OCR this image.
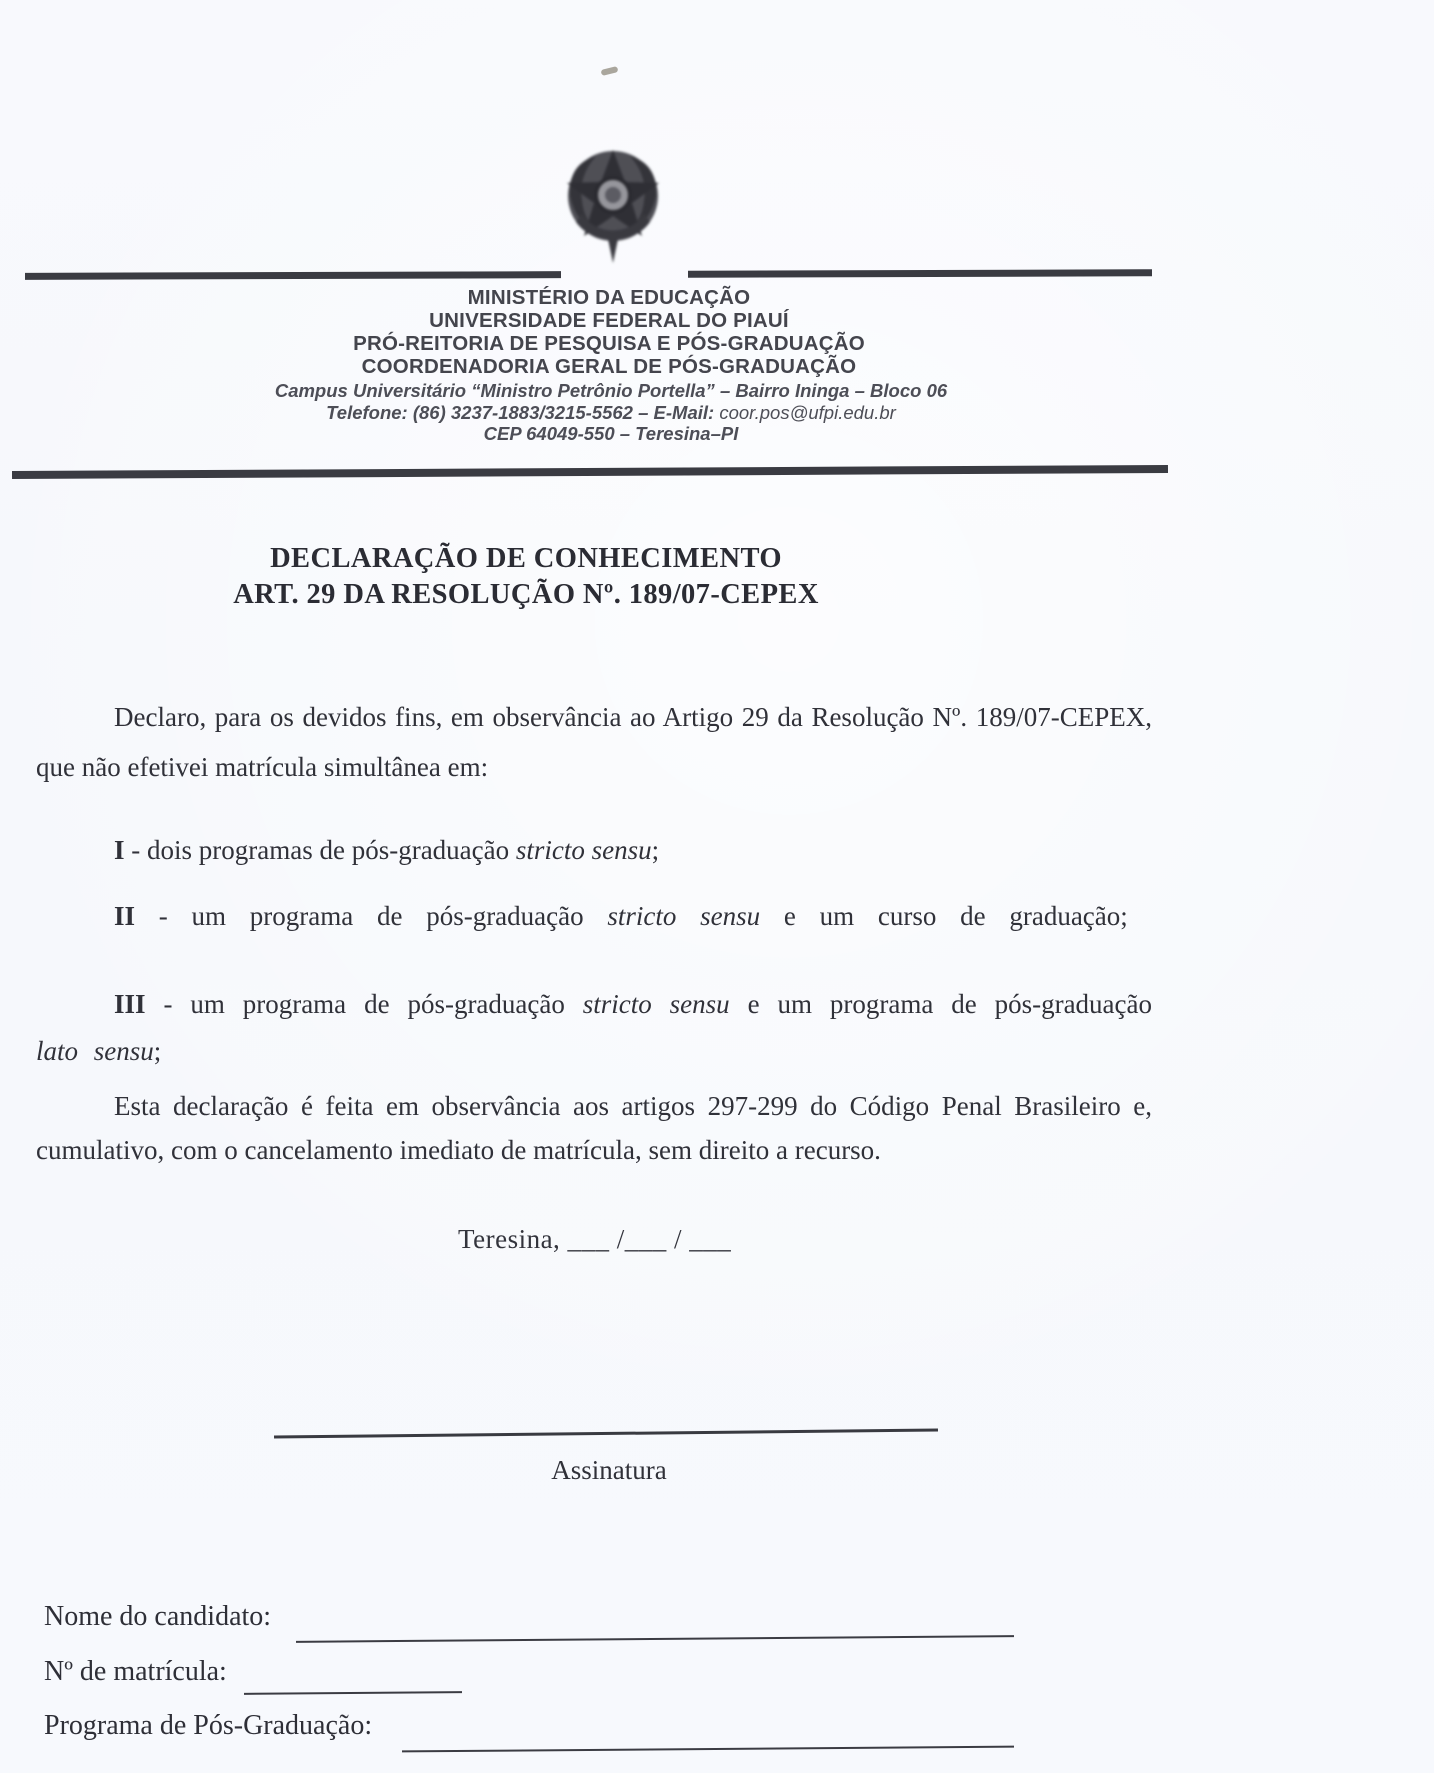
MINISTÉRIO DA EDUCAÇÃO
UNIVERSIDADE FEDERAL DO PIAUÍ
PRÓ-REITORIA DE PESQUISA E PÓS-GRADUAÇÃO
COORDENADORIA GERAL DE PÓS-GRADUAÇÃO
Campus Universitário “Ministro Petrônio Portella” – Bairro Ininga – Bloco 06
Telefone: (86) 3237-1883/3215-5562 – E-Mail: coor.pos@ufpi.edu.br
CEP 64049-550 – Teresina–PI
DECLARAÇÃO DE CONHECIMENTO
ART. 29 DA RESOLUÇÃO Nº. 189/07-CEPEX

Declaro, para os devidos fins, em observância ao Artigo 29 da Resolução Nº. 189/07-CEPEX, que não efetivei matrícula simultânea em:

I - dois programas de pós-graduação stricto sensu;

II - um programa de pós-graduação stricto sensu e um curso de graduação;

III - um programa de pós-graduação stricto sensu e um programa de pós-graduação lato sensu;

Esta declaração é feita em observância aos artigos 297-299 do Código Penal Brasileiro e, cumulativo, com o cancelamento imediato de matrícula, sem direito a recurso.

Teresina, ___ /___ / ___
Assinatura
Nome do candidato:
Nº de matrícula:
Programa de Pós-Graduação:
